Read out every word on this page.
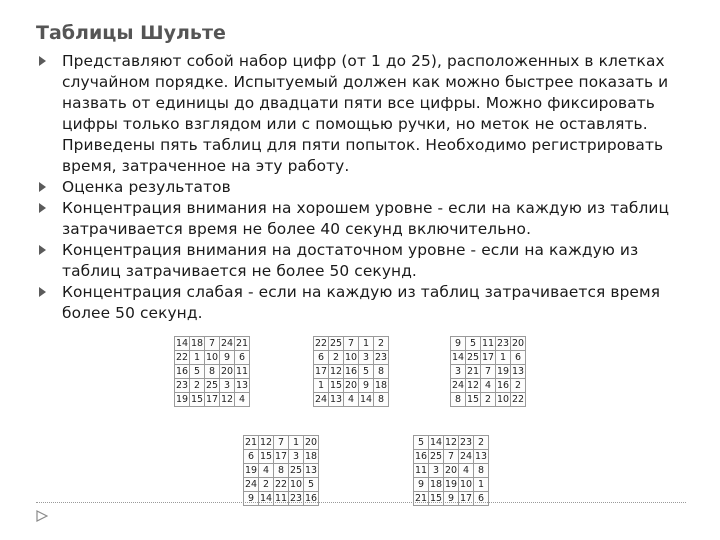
Таблицы Шульте
Представляют собой набор цифр (от 1 до 25), расположенных в клетках случайном порядке. Испытуемый должен как можно быстрее показать и назвать от единицы до двадцати пяти все цифры. Можно фиксировать цифры только взглядом или с помощью ручки, но меток не оставлять. Приведены пять таблиц для пяти попыток. Необходимо регистрировать время, затраченное на эту работу.
Оценка результатов
Концентрация внимания на хорошем уровне - если на каждую из таблиц затрачивается время не более 40 секунд включительно.
Концентрация внимания на достаточном уровне - если на каждую из таблиц затрачивается не более 50 секунд.
Концентрация слабая - если на каждую из таблиц затрачивается время более 50 секунд.
14	18	7	24	21
22	1	10	9	6
16	5	8	20	11
23	2	25	3	13
19	15	17	12	4
22	25	7	1	2
6	2	10	3	23
17	12	16	5	8
1	15	20	9	18
24	13	4	14	8
9	5	11	23	20
14	25	17	1	6
3	21	7	19	13
24	12	4	16	2
8	15	2	10	22
21	12	7	1	20
6	15	17	3	18
19	4	8	25	13
24	2	22	10	5
9	14	11	23	16
5	14	12	23	2
16	25	7	24	13
11	3	20	4	8
9	18	19	10	1
21	15	9	17	6
